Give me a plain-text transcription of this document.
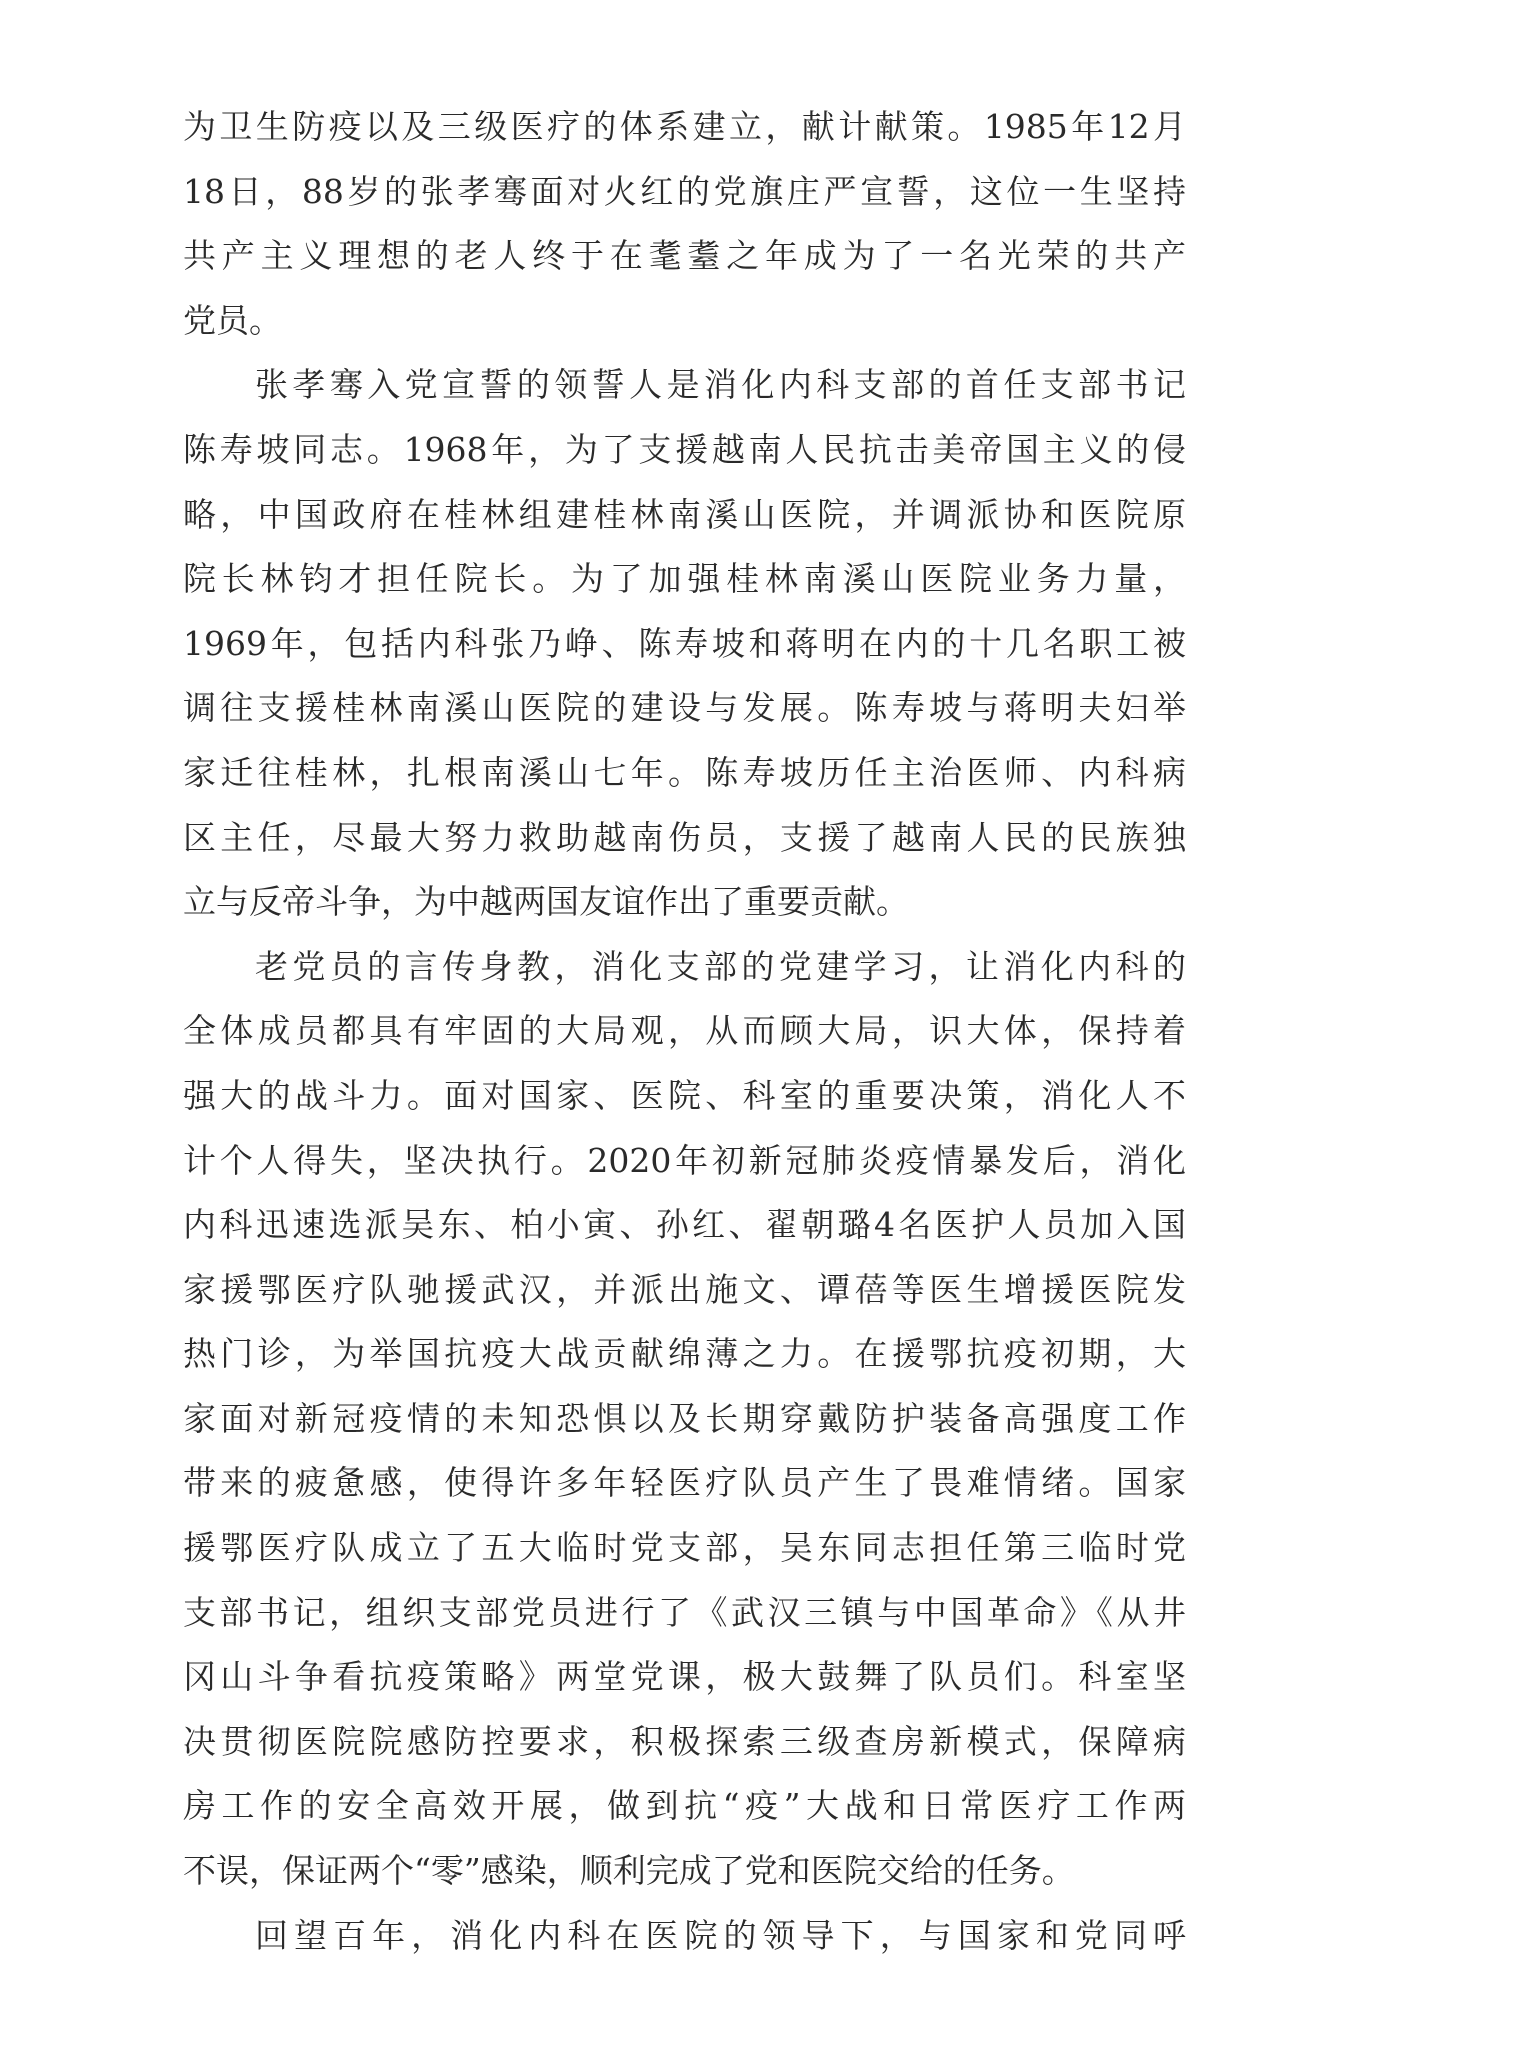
为卫生防疫以及三级医疗的体系建立，献计献策。1985年12月
18日，88岁的张孝骞面对火红的党旗庄严宣誓，这位一生坚持
共产主义理想的老人终于在耄耋之年成为了一名光荣的共产
党员。
张孝骞入党宣誓的领誓人是消化内科支部的首任支部书记
陈寿坡同志。1968年，为了支援越南人民抗击美帝国主义的侵
略，中国政府在桂林组建桂林南溪山医院，并调派协和医院原
院长林钧才担任院长。为了加强桂林南溪山医院业务力量，
1969年，包括内科张乃峥、陈寿坡和蒋明在内的十几名职工被
调往支援桂林南溪山医院的建设与发展。陈寿坡与蒋明夫妇举
家迁往桂林，扎根南溪山七年。陈寿坡历任主治医师、内科病
区主任，尽最大努力救助越南伤员，支援了越南人民的民族独
立与反帝斗争，为中越两国友谊作出了重要贡献。
老党员的言传身教，消化支部的党建学习，让消化内科的
全体成员都具有牢固的大局观，从而顾大局，识大体，保持着
强大的战斗力。面对国家、医院、科室的重要决策，消化人不
计个人得失，坚决执行。2020年初新冠肺炎疫情暴发后，消化
内科迅速选派吴东、柏小寅、孙红、翟朝璐4名医护人员加入国
家援鄂医疗队驰援武汉，并派出施文、谭蓓等医生增援医院发
热门诊，为举国抗疫大战贡献绵薄之力。在援鄂抗疫初期，大
家面对新冠疫情的未知恐惧以及长期穿戴防护装备高强度工作
带来的疲惫感，使得许多年轻医疗队员产生了畏难情绪。国家
援鄂医疗队成立了五大临时党支部，吴东同志担任第三临时党
支部书记，组织支部党员进行了《武汉三镇与中国革命》《从井
冈山斗争看抗疫策略》两堂党课，极大鼓舞了队员们。科室坚
决贯彻医院院感防控要求，积极探索三级查房新模式，保障病
房工作的安全高效开展，做到抗“疫”大战和日常医疗工作两
不误，保证两个“零”感染，顺利完成了党和医院交给的任务。
回望百年，消化内科在医院的领导下，与国家和党同呼
